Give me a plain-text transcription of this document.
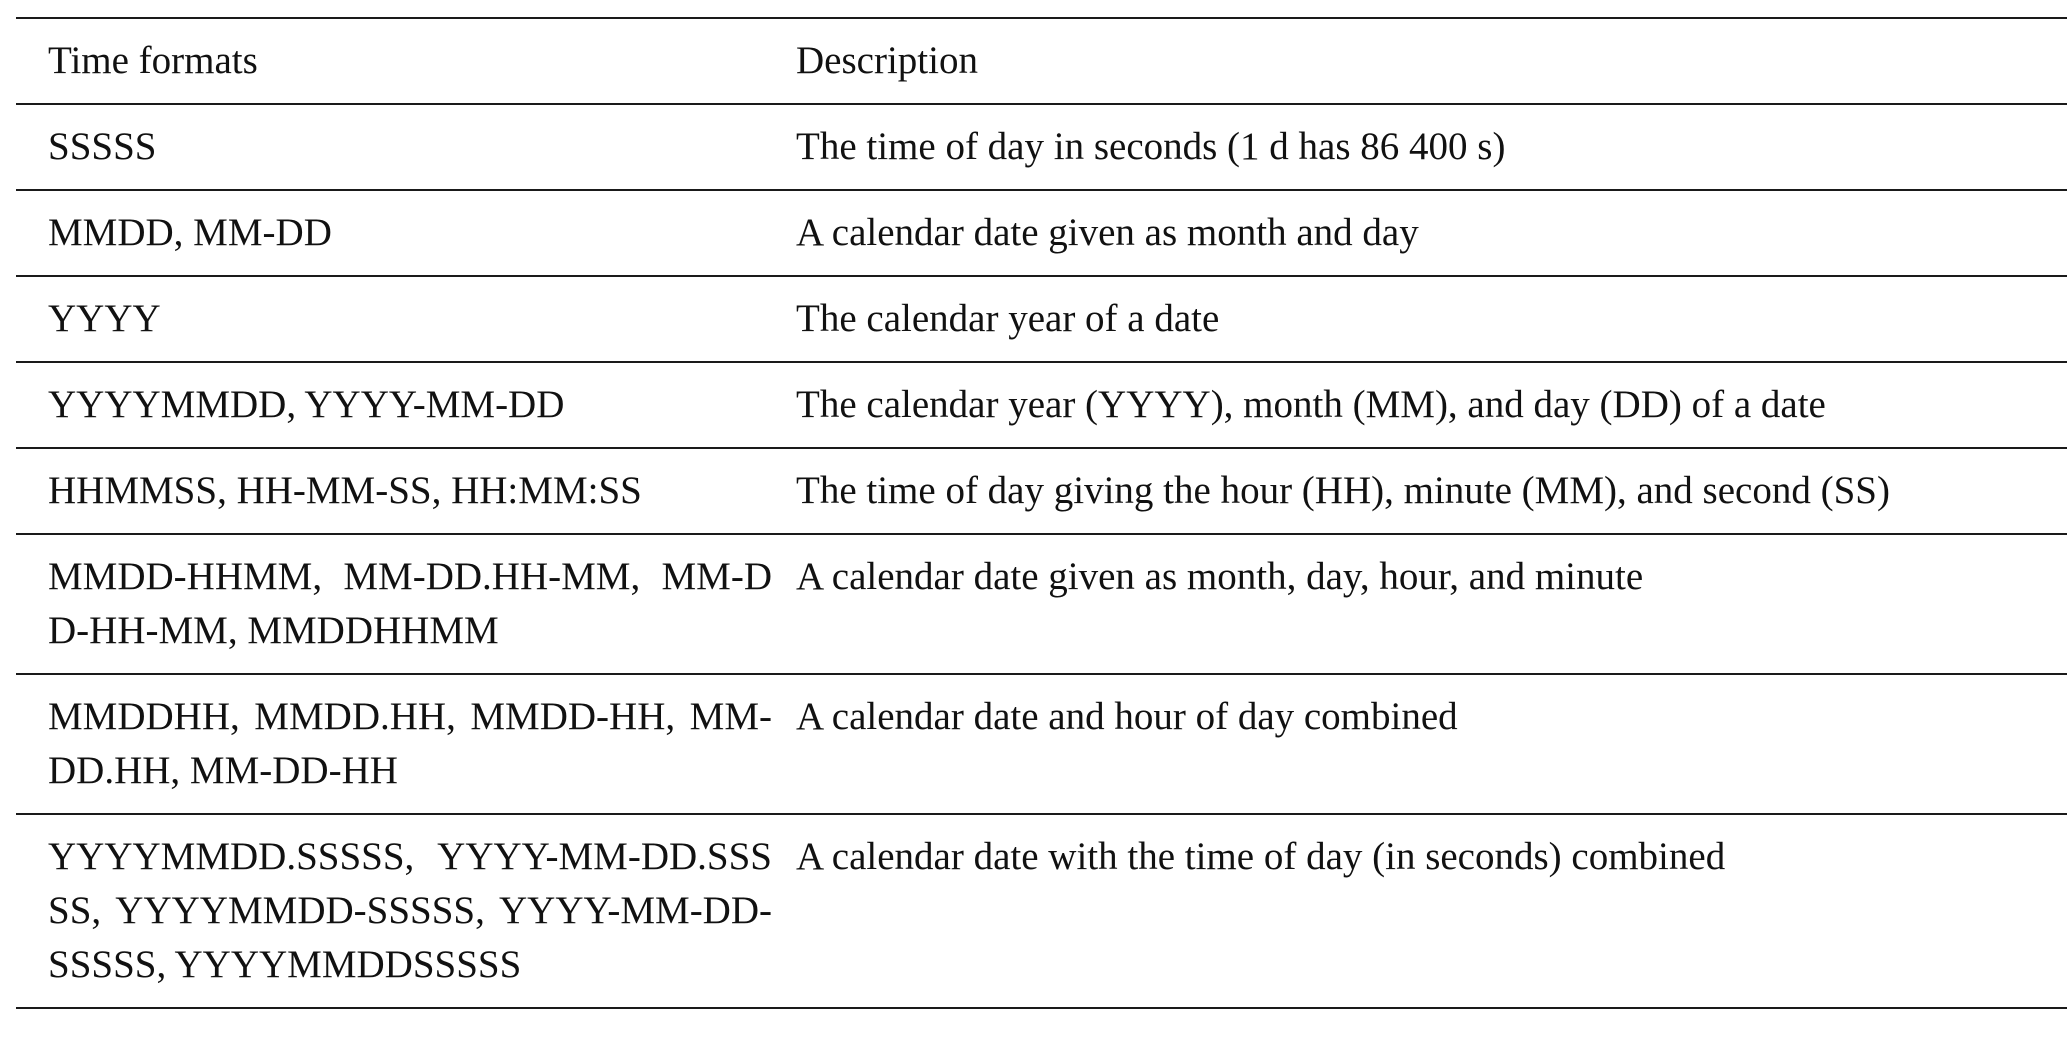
Time formats	Description
SSSSS	The time of day in seconds (1 d has 86 400 s)
MMDD, MM-DD	A calendar date given as month and day
YYYY	The calendar year of a date
YYYYMMDD, YYYY-MM-DD	The calendar year (YYYY), month (MM), and day (DD) of a date
HHMMSS, HH-MM-SS, HH:MM:SS	The time of day giving the hour (HH), minute (MM), and second (SS)
MMDD-HHMM, MM-DD.HH-MM, MM-DD-HH-MM, MMDDHHMM	A calendar date given as month, day, hour, and minute
MMDDHH, MMDD.HH, MMDD-HH, MM-DD.HH, MM-DD-HH	A calendar date and hour of day combined
YYYYMMDD.SSSSS, YYYY-MM-DD.SSSSS, YYYYMMDD-SSSSS, YYYY-MM-DD-SSSSS, YYYYMMDDSSSSS	A calendar date with the time of day (in seconds) combined
